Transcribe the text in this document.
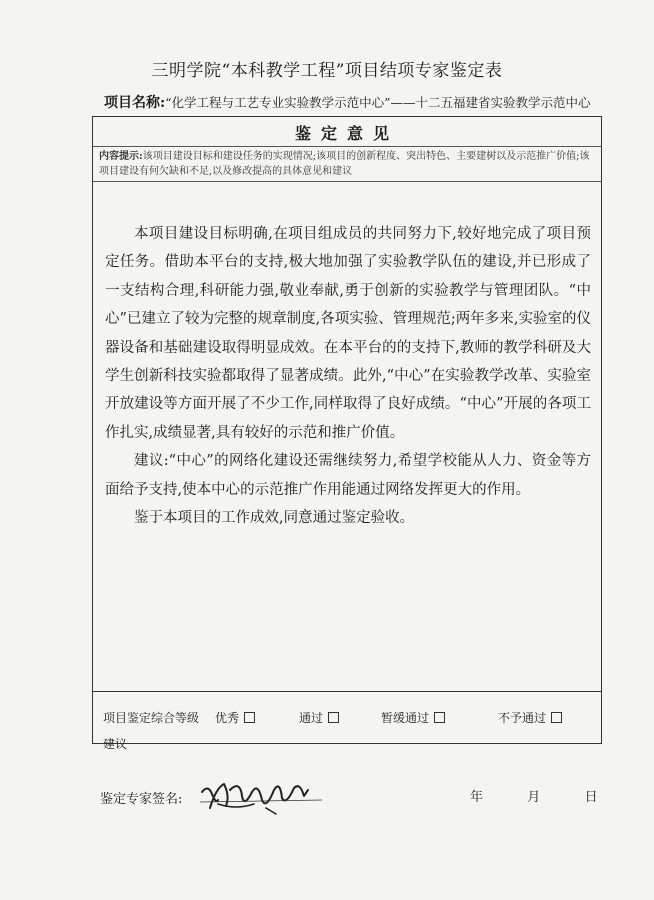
三明学院“本科教学工程”项目结项专家鉴定表
项目名称:“化学工程与工艺专业实验教学示范中心”——十二五福建省实验教学示范中心
鉴定意见
内容提示:该项目建设目标和建设任务的实现情况;该项目的创新程度、突出特色、主要建树以及示范推广价值;该项目建设有何欠缺和不足,以及修改提高的具体意见和建议

本项目建设目标明确,在项目组成员的共同努力下,较好地完成了项目预定任务。借助本平台的支持,极大地加强了实验教学队伍的建设,并已形成了一支结构合理,科研能力强,敬业奉献,勇于创新的实验教学与管理团队。“中心”已建立了较为完整的规章制度,各项实验、管理规范;两年多来,实验室的仪器设备和基础建设取得明显成效。在本平台的的支持下,教师的教学科研及大学生创新科技实验都取得了显著成绩。此外,“中心”在实验教学改革、实验室开放建设等方面开展了不少工作,同样取得了良好成绩。“中心”开展的各项工作扎实,成绩显著,具有较好的示范和推广价值。

建议:“中心”的网络化建设还需继续努力,希望学校能从人力、资金等方面给予支持,使本中心的示范推广作用能通过网络发挥更大的作用。

鉴于本项目的工作成效,同意通过鉴定验收。

项目鉴定综合等级
建议
优秀	通过	暂缓通过	不予通过
鉴定专家签名:	年	月	日
